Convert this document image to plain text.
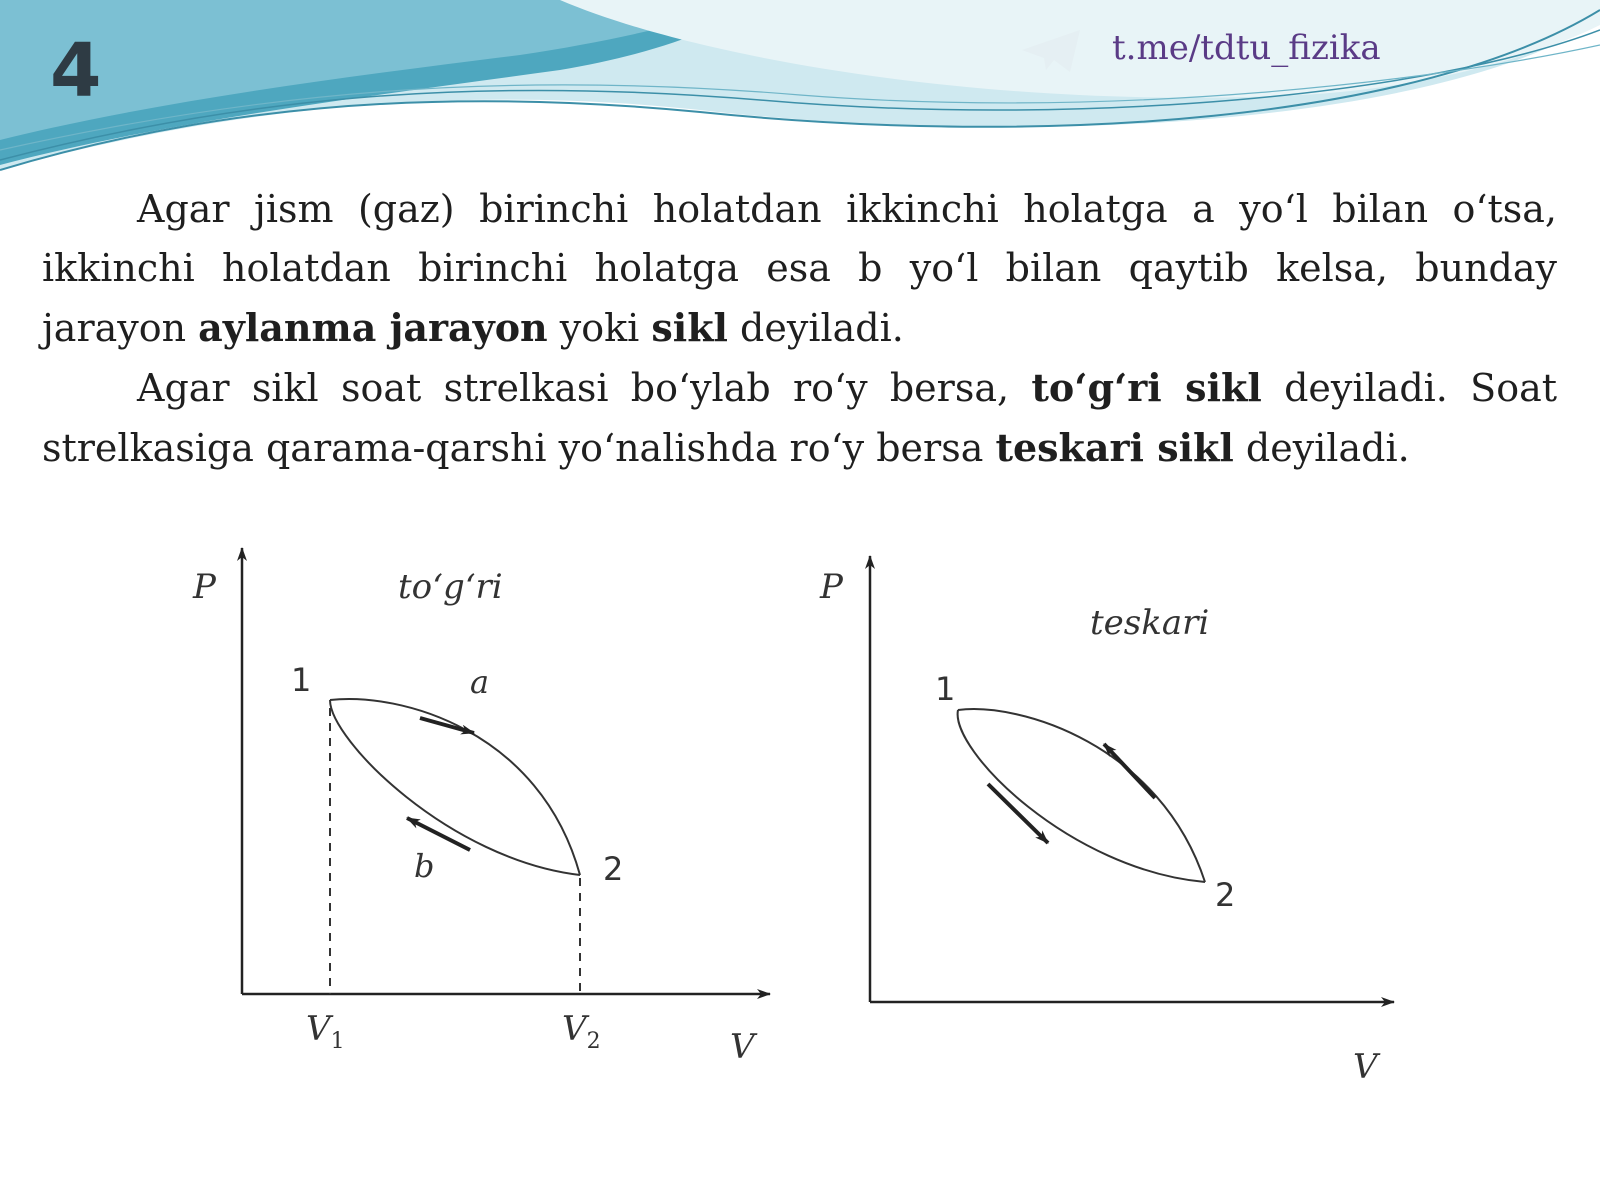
4	t.me/tdtu_fizika

Agar jism (gaz) birinchi holatdan ikkinchi holatga a yo‘l bilan o‘tsa, ikkinchi holatdan birinchi holatga esa b yo‘l bilan qaytib kelsa, bunday jarayon aylanma jarayon yoki sikl deyiladi.

Agar sikl soat strelkasi bo‘ylab ro‘y bersa, to‘g‘ri sikl deyiladi. Soat strelkasiga qarama-qarshi yo‘nalishda ro‘y bersa teskari sikl deyiladi.

P	to‘g‘ri
1	a
b	2
$V_1$	$V_2$	V
P
teskari
1
2
V
